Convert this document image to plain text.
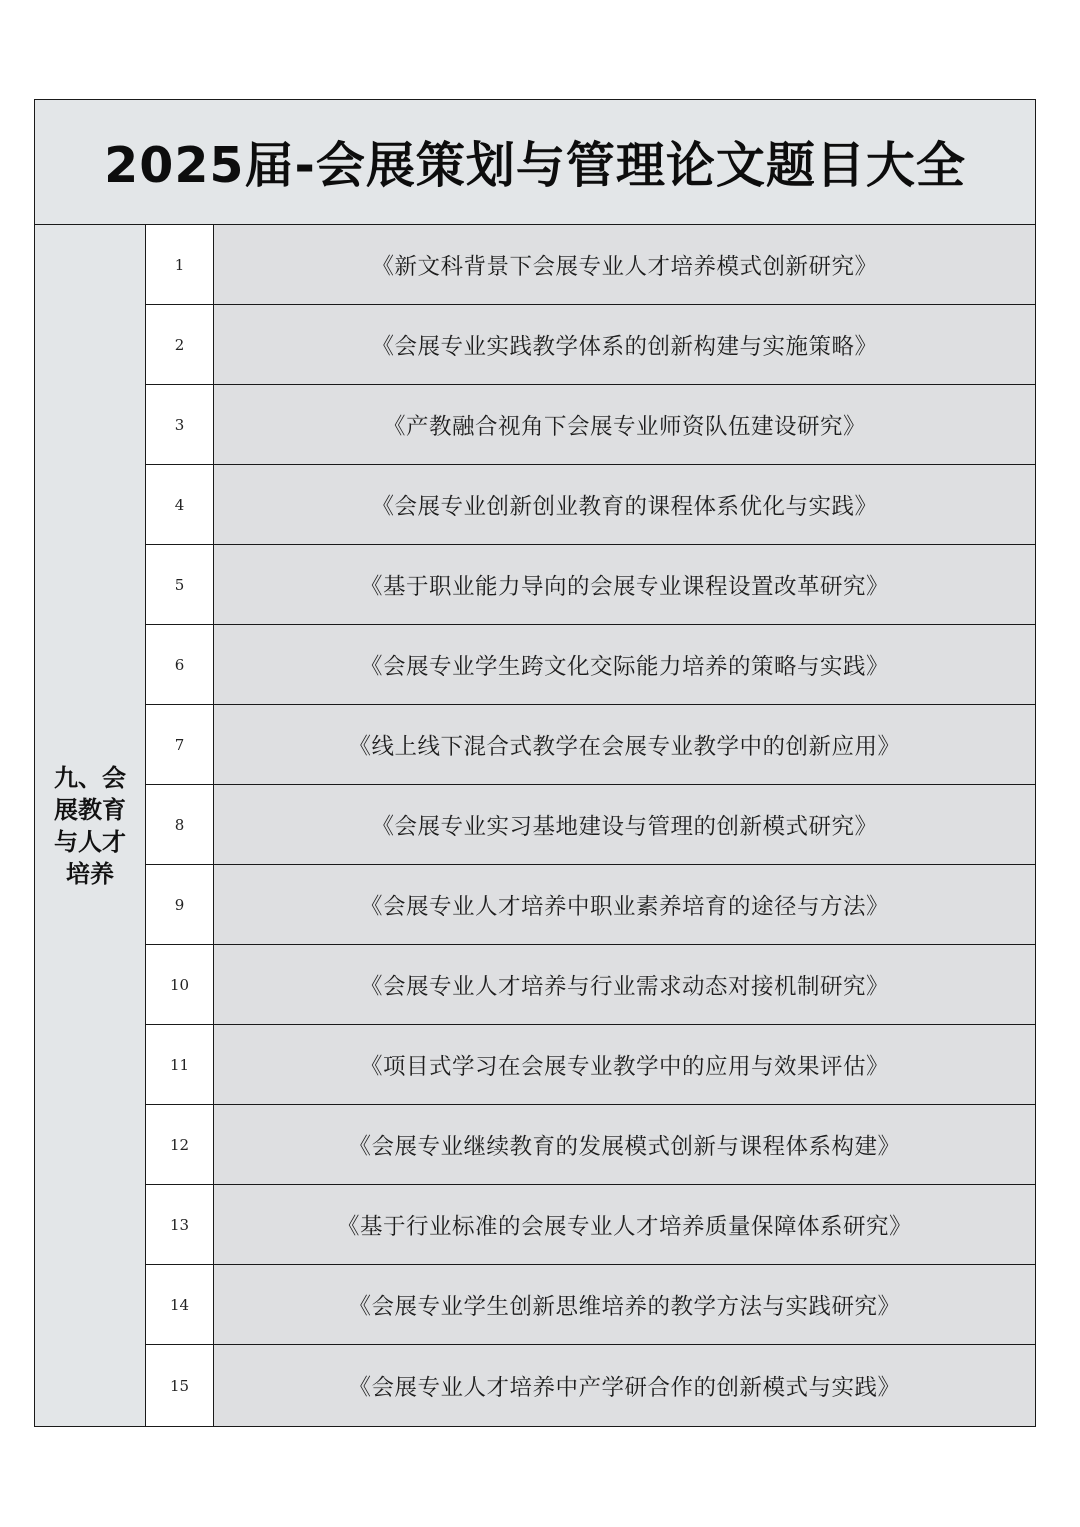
2025届-会展策划与管理论文题目大全
九、会展教育与人才培养
1	《新文科背景下会展专业人才培养模式创新研究》
2	《会展专业实践教学体系的创新构建与实施策略》
3	《产教融合视角下会展专业师资队伍建设研究》
4	《会展专业创新创业教育的课程体系优化与实践》
5	《基于职业能力导向的会展专业课程设置改革研究》
6	《会展专业学生跨文化交际能力培养的策略与实践》
7	《线上线下混合式教学在会展专业教学中的创新应用》
8	《会展专业实习基地建设与管理的创新模式研究》
9	《会展专业人才培养中职业素养培育的途径与方法》
10	《会展专业人才培养与行业需求动态对接机制研究》
11	《项目式学习在会展专业教学中的应用与效果评估》
12	《会展专业继续教育的发展模式创新与课程体系构建》
13	《基于行业标准的会展专业人才培养质量保障体系研究》
14	《会展专业学生创新思维培养的教学方法与实践研究》
15	《会展专业人才培养中产学研合作的创新模式与实践》
